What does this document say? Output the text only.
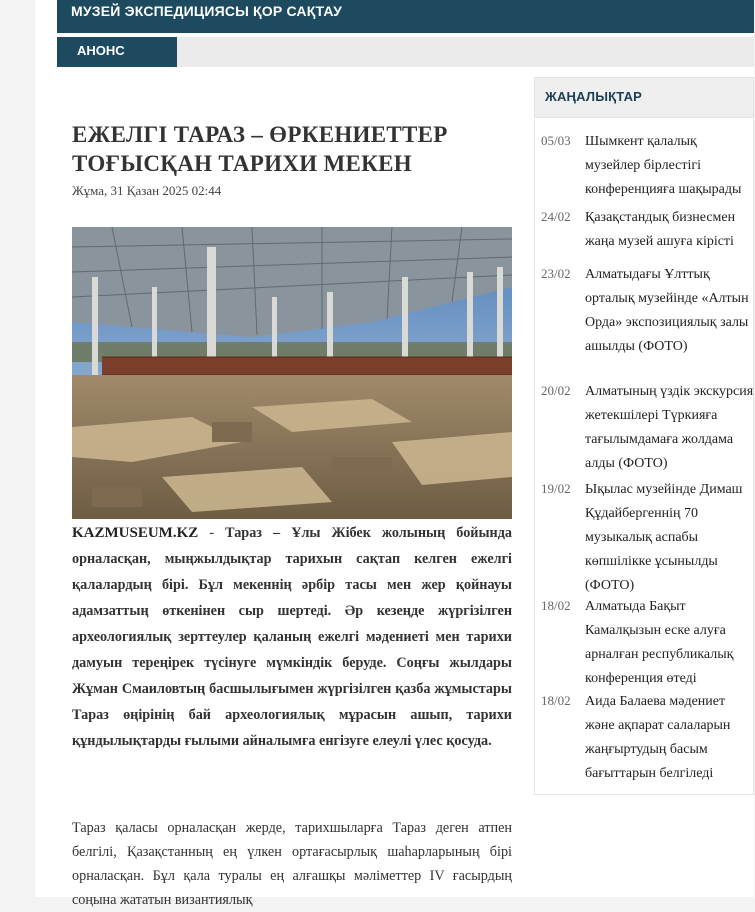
МУЗЕЙ ЭКСПЕДИЦИЯСЫ ҚОР САҚТАУ
АНОНС
ЕЖЕЛГІ ТАРАЗ – ӨРКЕНИЕТТЕР ТОҒЫСҚАН ТАРИХИ МЕКЕН
Жұма, 31 Қазан 2025 02:44

KAZMUSEUM.KZ - Тараз – Ұлы Жібек жолының бойында орналасқан, мыңжылдықтар тарихын сақтап келген ежелгі қалалардың бірі. Бұл мекеннің әрбір тасы мен жер қойнауы адамзаттың өткенінен сыр шертеді. Әр кезеңде жүргізілген археологиялық зерттеулер қаланың ежелгі мәдениеті мен тарихи дамуын тереңірек түсінуге мүмкіндік беруде. Соңғы жылдары Жұман Смаиловтың басшылығымен жүргізілген қазба жұмыстары Тараз өңірінің бай археологиялық мұрасын ашып, тарихи құндылықтарды ғылыми айналымға енгізуге елеулі үлес қосуда.

Тараз қаласы орналасқан жерде, тарихшыларға Тараз деген атпен белгілі, Қазақстанның ең үлкен ортағасырлық шаһарларының бірі орналасқан. Бұл қала туралы ең алғашқы мәліметтер IV ғасырдың соңына жататын византиялық

ЖАҢАЛЫҚТАР
05/03 Шымкент қалалық музейлер бірлестігі конференцияға шақырады
24/02 Қазақстандық бизнесмен жаңа музей ашуға кірісті
23/02 Алматыдағы Ұлттық орталық музейінде «Алтын Орда» экспозициялық залы ашылды (ФОТО)
20/02 Алматының үздік экскурсия жетекшілері Түркияға тағылымдамаға жолдама алды (ФОТО)
19/02 Ықылас музейінде Димаш Құдайбергеннің 70 музыкалық аспабы көпшілікке ұсынылды (ФОТО)
18/02 Алматыда Бақыт Камалқызын еске алуға арналған республикалық конференция өтеді
18/02 Аида Балаева мәдениет және ақпарат салаларын жаңғыртудың басым бағыттарын белгіледі
